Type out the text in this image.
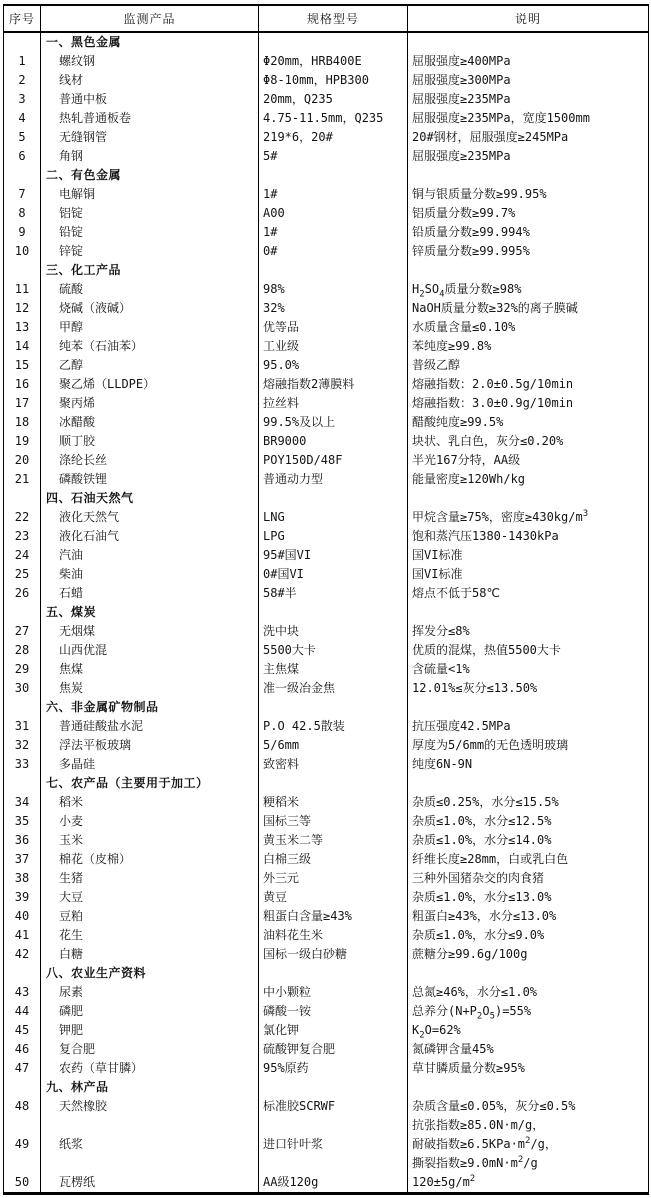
序号	监测产品	规格型号	说明
	一、黑色金属		
1	螺纹钢	Φ20mm，HRB400E	屈服强度≥400MPa

2	线材	Φ8-10mm，HPB300	屈服强度≥300MPa

3	普通中板	20mm，Q235	屈服强度≥235MPa

4	热轧普通板卷	4.75-11.5mm，Q235	屈服强度≥235MPa，宽度1500mm

5	无缝钢管	219*6，20#	20#钢材，屈服强度≥245MPa

6	角钢	5#	屈服强度≥235MPa

	二、有色金属		
7	电解铜	1#	铜与银质量分数≥99.95%

8	铝锭	A00	铝质量分数≥99.7%

9	铅锭	1#	铅质量分数≥99.994%

10	锌锭	0#	锌质量分数≥99.995%

	三、化工产品		
11	硫酸	98%	$H_2SO_4$质量分数≥98%

12	烧碱（液碱）	32%	NaOH质量分数≥32%的离子膜碱

13	甲醇	优等品	水质量含量≤0.10%

14	纯苯（石油苯）	工业级	苯纯度≥99.8%

15	乙醇	95.0%	普级乙醇

16	聚乙烯（LLDPE）	熔融指数2薄膜料	熔融指数：2.0±0.5g/10min

17	聚丙烯	拉丝料	熔融指数：3.0±0.9g/10min

18	冰醋酸	99.5%及以上	醋酸纯度≥99.5%

19	顺丁胶	BR9000	块状、乳白色，灰分≤0.20%

20	涤纶长丝	POY150D/48F	半光167分特，AA级

21	磷酸铁锂	普通动力型	能量密度≥120Wh/kg

	四、石油天然气		
22	液化天然气	LNG	甲烷含量≥75%，密度$\ge 430kg/m^3$

23	液化石油气	LPG	饱和蒸汽压1380-1430kPa

24	汽油	95#国VI	国VI标准

25	柴油	0#国VI	国VI标准

26	石蜡	58#半	熔点不低于58℃

	五、煤炭		
27	无烟煤	洗中块	挥发分≤8%

28	山西优混	5500大卡	优质的混煤，热值5500大卡

29	焦煤	主焦煤	含硫量<1%

30	焦炭	准一级冶金焦	12.01%≤灰分≤13.50%

	六、非金属矿物制品		
31	普通硅酸盐水泥	P.O 42.5散装	抗压强度42.5MPa

32	浮法平板玻璃	5/6mm	厚度为5/6mm的无色透明玻璃

33	多晶硅	致密料	纯度6N-9N

	七、农产品（主要用于加工）		
34	稻米	粳稻米	杂质≤0.25%，水分≤15.5%

35	小麦	国标三等	杂质≤1.0%，水分≤12.5%

36	玉米	黄玉米二等	杂质≤1.0%，水分≤14.0%

37	棉花（皮棉）	白棉三级	纤维长度≥28mm，白或乳白色

38	生猪	外三元	三种外国猪杂交的肉食猪

39	大豆	黄豆	杂质≤1.0%，水分≤13.0%

40	豆粕	粗蛋白含量≥43%	粗蛋白≥43%，水分≤13.0%

41	花生	油料花生米	杂质≤1.0%，水分≤9.0%

42	白糖	国标一级白砂糖	蔗糖分≥99.6g/100g

	八、农业生产资料		
43	尿素	中小颗粒	总氮≥46%，水分≤1.0%

44	磷肥	磷酸一铵	总养分$(N+P_2O_5)=55\%$

45	钾肥	氯化钾	$K_2O=62\%$

46	复合肥	硫酸钾复合肥	氮磷钾含量45%

47	农药（草甘膦）	95%原药	草甘膦质量分数≥95%

	九、林产品		
48	天然橡胶	标准胶SCRWF	杂质含量≤0.05%，灰分≤0.5%

49	纸浆	进口针叶浆	抗张指数≥85.0N·m/g，
耐破指数$\ge 6.5KPa\cdot m^2/g$，
撕裂指数$\ge 9.0mN\cdot m^2/g$

50	瓦楞纸	AA级120g	$120\pm 5g/m^2$
